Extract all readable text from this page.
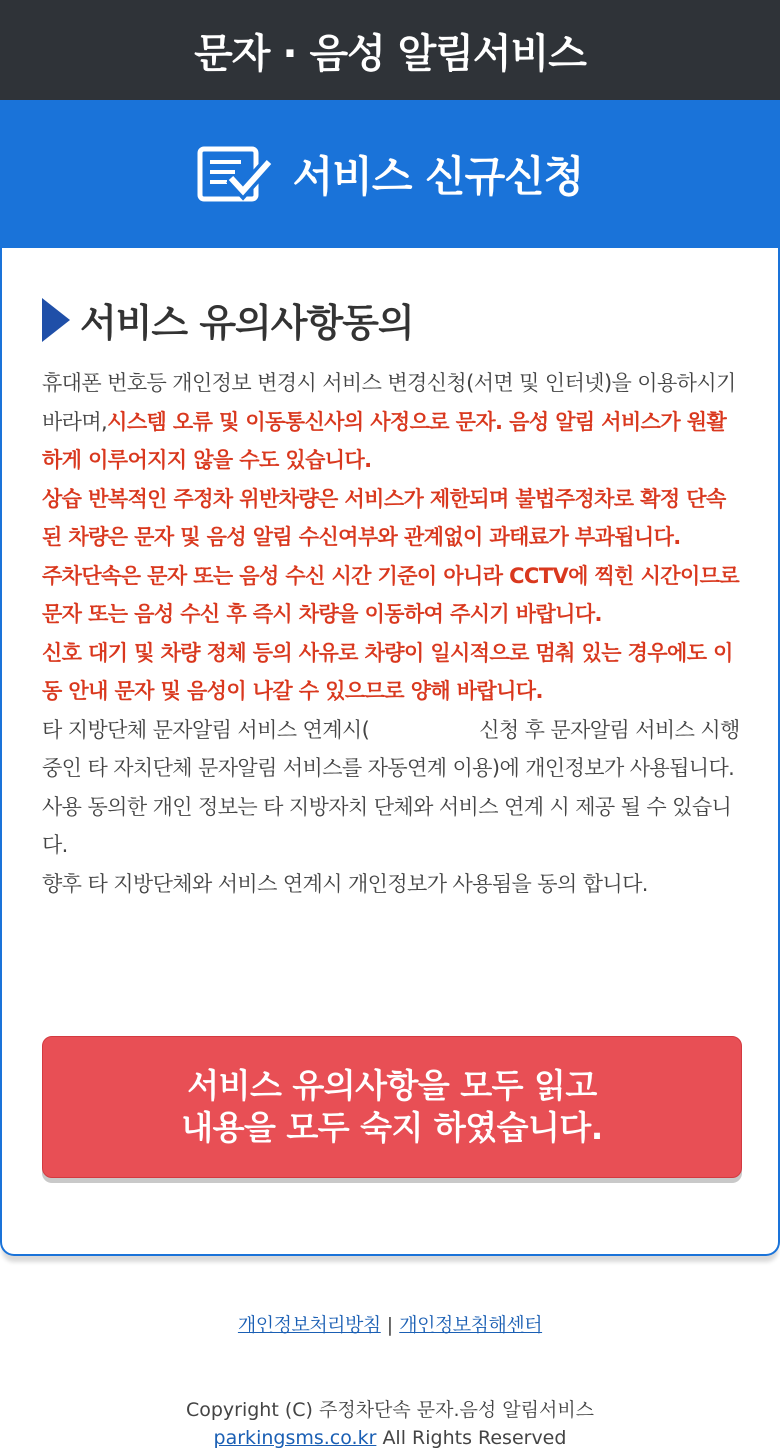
문자 · 음성 알림서비스
서비스 신규신청
서비스 유의사항동의
휴대폰 번호등 개인정보 변경시 서비스 변경신청(서면 및 인터넷)을 이용하시기 바라며,시스템 오류 및 이동통신사의 사정으로 문자. 음성 알림 서비스가 원활하게 이루어지지 않을 수도 있습니다.
상습 반복적인 주정차 위반차량은 서비스가 제한되며 불법주정차로 확정 단속된 차량은 문자 및 음성 알림 수신여부와 관계없이 과태료가 부과됩니다.
주차단속은 문자 또는 음성 수신 시간 기준이 아니라 CCTV에 찍힌 시간이므로 문자 또는 음성 수신 후 즉시 차량을 이동하여 주시기 바랍니다.
신호 대기 및 차량 정체 등의 사유로 차량이 일시적으로 멈춰 있는 경우에도 이동 안내 문자 및 음성이 나갈 수 있으므로 양해 바랍니다.
타 지방단체 문자알림 서비스 연계시(	신청 후 문자알림 서비스 시행중인 타 자치단체 문자알림 서비스를 자동연계 이용)에 개인정보가 사용됩니다.
사용 동의한 개인 정보는 타 지방자치 단체와 서비스 연계 시 제공 될 수 있습니다.
향후 타 지방단체와 서비스 연계시 개인정보가 사용됨을 동의 합니다.
서비스 유의사항을 모두 읽고
내용을 모두 숙지 하였습니다.
개인정보처리방침 | 개인정보침해센터
Copyright (C) 주정차단속 문자.음성 알림서비스
parkingsms.co.kr All Rights Reserved
